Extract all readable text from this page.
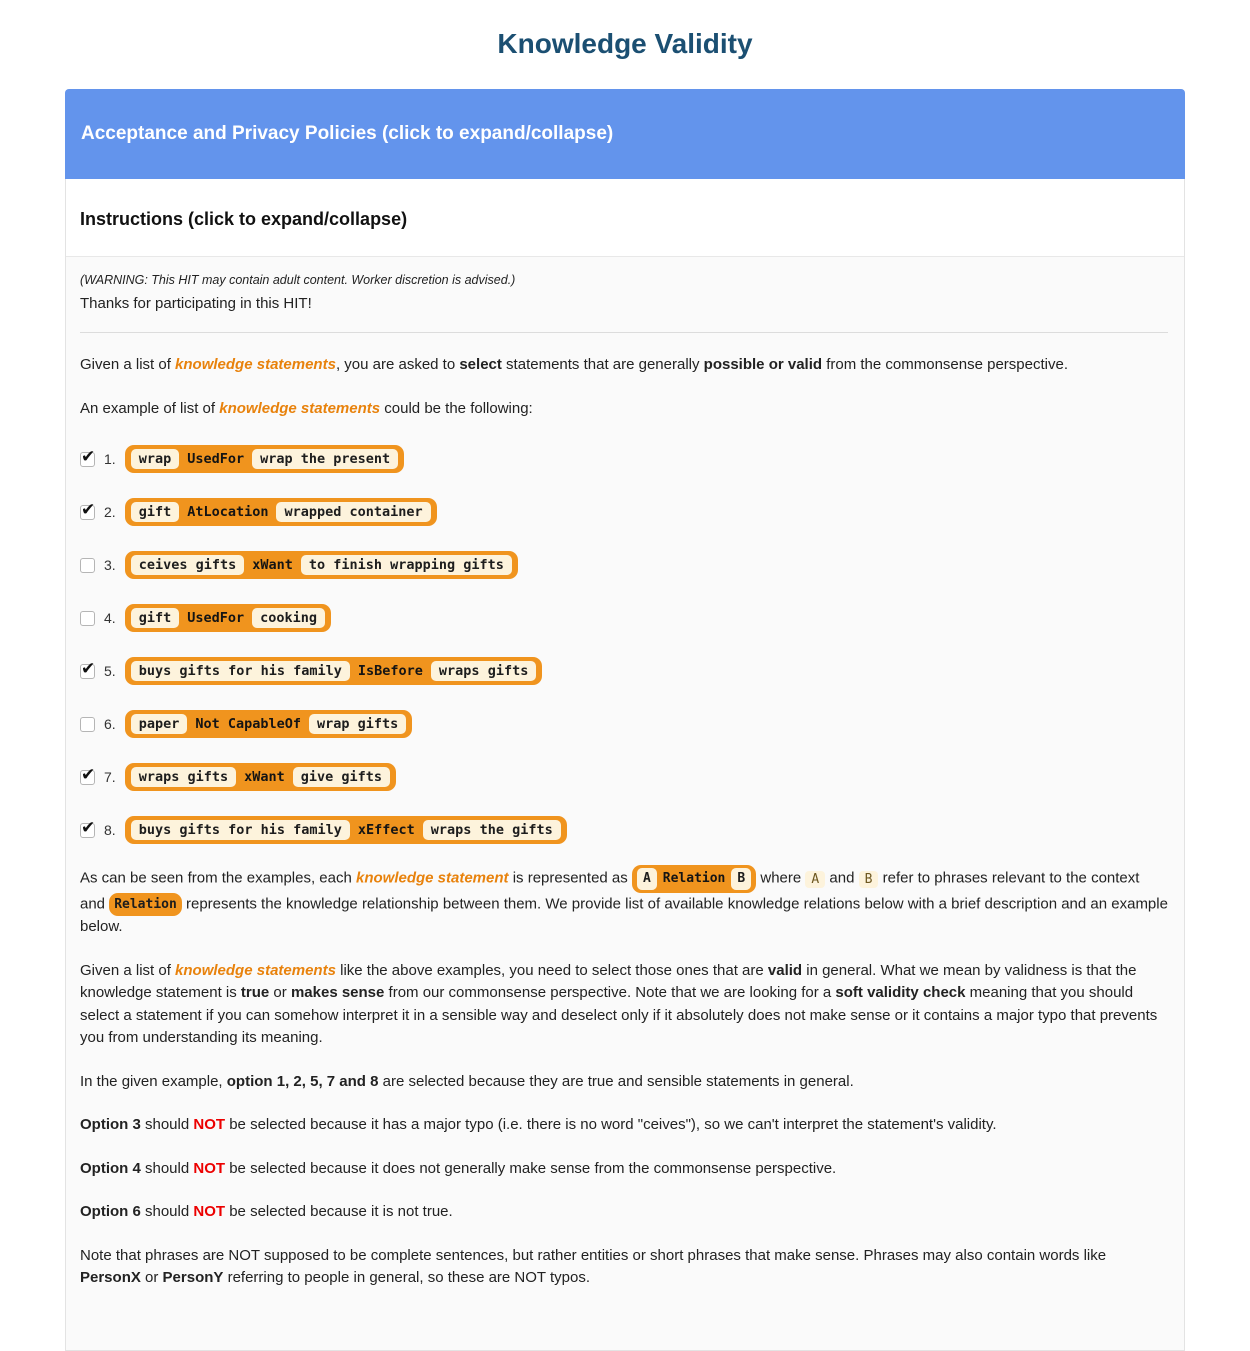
Knowledge Validity
Acceptance and Privacy Policies (click to expand/collapse)
Instructions (click to expand/collapse)
(WARNING: This HIT may contain adult content. Worker discretion is advised.)
Thanks for participating in this HIT!

Given a list of knowledge statements, you are asked to select statements that are generally possible or valid from the commonsense perspective.

An example of list of knowledge statements could be the following:

✔
1.	wrap	UsedFor	wrap the present
✔
2.	gift	AtLocation	wrapped container
3.	ceives gifts	xWant	to finish wrapping gifts
4.	gift	UsedFor	cooking
✔
5.	buys gifts for his family	IsBefore	wraps gifts
6.	paper	Not CapableOf	wrap gifts
✔
7.	wraps gifts	xWant	give gifts
✔
8.	buys gifts for his family	xEffect	wraps the gifts

As can be seen from the examples, each knowledge statement is represented as A Relation B where A and B refer to phrases relevant to the context and Relation represents the knowledge relationship between them. We provide list of available knowledge relations below with a brief description and an example below.

Given a list of knowledge statements like the above examples, you need to select those ones that are valid in general. What we mean by validness is that the knowledge statement is true or makes sense from our commonsense perspective. Note that we are looking for a soft validity check meaning that you should select a statement if you can somehow interpret it in a sensible way and deselect only if it absolutely does not make sense or it contains a major typo that prevents you from understanding its meaning.

In the given example, option 1, 2, 5, 7 and 8 are selected because they are true and sensible statements in general.

Option 3 should NOT be selected because it has a major typo (i.e. there is no word "ceives"), so we can't interpret the statement's validity.

Option 4 should NOT be selected because it does not generally make sense from the commonsense perspective.

Option 6 should NOT be selected because it is not true.

Note that phrases are NOT supposed to be complete sentences, but rather entities or short phrases that make sense. Phrases may also contain words like PersonX or PersonY referring to people in general, so these are NOT typos.
